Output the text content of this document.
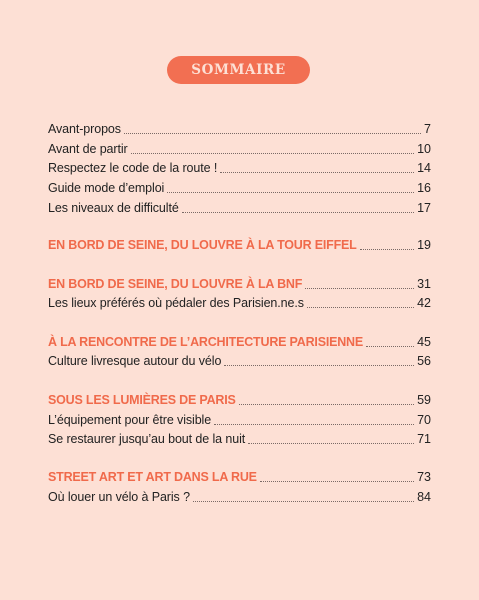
SOMMAIRE
Avant-propos	7
Avant de partir	10
Respectez le code de la route !	14
Guide mode d’emploi	16
Les niveaux de difficulté	17
EN BORD DE SEINE, DU LOUVRE À LA TOUR EIFFEL	19
EN BORD DE SEINE, DU LOUVRE À LA BNF	31
Les lieux préférés où pédaler des Parisien.ne.s	42
À LA RENCONTRE DE L’ARCHITECTURE PARISIENNE	45
Culture livresque autour du vélo	56
SOUS LES LUMIÈRES DE PARIS	59
L’équipement pour être visible	70
Se restaurer jusqu’au bout de la nuit	71
STREET ART ET ART DANS LA RUE	73
Où louer un vélo à Paris ?	84
